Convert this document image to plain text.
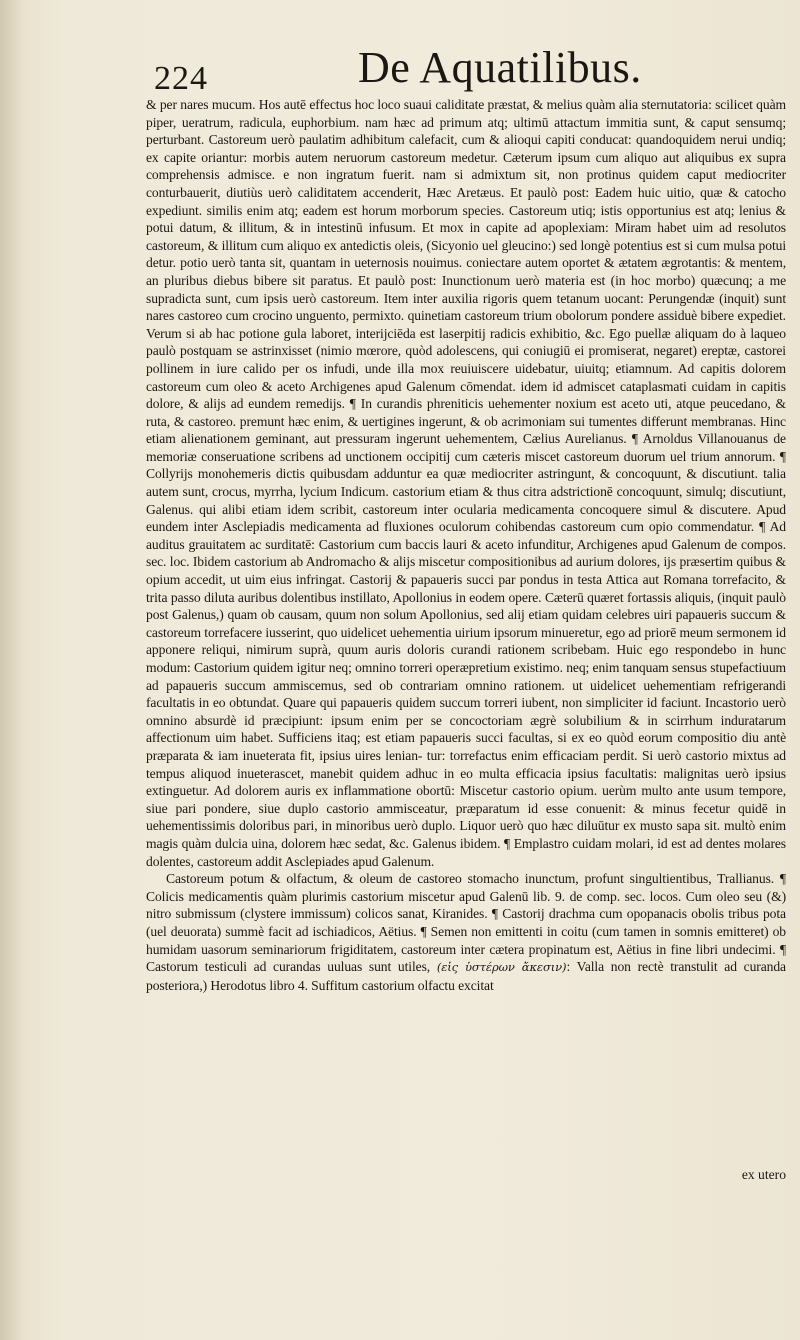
224	De Aquatilibus.

& per nares mucum. Hos autē effectus hoc loco suaui caliditate præstat, & melius quàm alia sternutatoria: scilicet quàm piper, ueratrum, radicula, euphorbium. nam hæc ad primum atq; ultimū attactum immitia sunt, & caput sensumq; perturbant. Castoreum uerò paulatim adhibitum calefacit, cum & alioqui capiti conducat: quandoquidem nerui undiq; ex capite oriantur: morbis autem neruorum castoreum medetur. Cæterum ipsum cum aliquo aut aliquibus ex supra comprehensis admisce. e non ingratum fuerit. nam si admixtum sit, non protinus quidem caput mediocriter conturbauerit, diutiùs uerò caliditatem accenderit, Hæc Aretæus. Et paulò post: Eadem huic uitio, quæ & catocho expediunt. similis enim atq; eadem est horum morborum species. Castoreum utiq; istis opportunius est atq; lenius & potui datum, & illitum, & in intestinū infusum. Et mox in capite ad apoplexiam: Miram habet uim ad resolutos castoreum, & illitum cum aliquo ex antedictis oleis, (Sicyonio uel gleucino:) sed longè potentius est si cum mulsa potui detur. potio uerò tanta sit, quantam in ueternosis nouimus. coniectare autem oportet & ætatem ægrotantis: & mentem, an pluribus diebus bibere sit paratus. Et paulò post: Inunctionum uerò materia est (in hoc morbo) quæcunq; a me supradicta sunt, cum ipsis uerò castoreum. Item inter auxilia rigoris quem tetanum uocant: Perungendæ (inquit) sunt nares castoreo cum crocino unguento, permixto. quinetiam castoreum trium obolorum pondere assiduè bibere expediet. Verum si ab hac potione gula laboret, interijciēda est laserpitij radicis exhibitio, &c. Ego puellæ aliquam do à laqueo paulò postquam se astrinxisset (nimio mœrore, quòd adolescens, qui coniugiū ei promiserat, negaret) ereptæ, castorei pollinem in iure calido per os infudi, unde illa mox reuiuiscere uidebatur, uiuitq; etiamnum. Ad capitis dolorem castoreum cum oleo & aceto Archigenes apud Galenum cōmendat. idem id admiscet cataplasmati cuidam in capitis dolore, & alijs ad eundem remedijs. ¶ In curandis phreniticis uehementer noxium est aceto uti, atque peucedano, & ruta, & castoreo. premunt hæc enim, & uertigines ingerunt, & ob acrimoniam sui tumentes differunt membranas. Hinc etiam alienationem geminant, aut pressuram ingerunt uehementem, Cælius Aurelianus. ¶ Arnoldus Villanouanus de memoriæ conseruatione scribens ad unctionem occipitij cum cæteris miscet castoreum duorum uel trium annorum. ¶ Collyrijs monohemeris dictis quibusdam adduntur ea quæ mediocriter astringunt, & concoquunt, & discutiunt. talia autem sunt, crocus, myrrha, lycium Indicum. castorium etiam & thus citra adstrictionē concoquunt, simulq; discutiunt, Galenus. qui alibi etiam idem scribit, castoreum inter ocularia medicamenta concoquere simul & discutere. Apud eundem inter Asclepiadis medicamenta ad fluxiones oculorum cohibendas castoreum cum opio commendatur. ¶ Ad auditus grauitatem ac surditatē: Castorium cum baccis lauri & aceto infunditur, Archigenes apud Galenum de compos. sec. loc. Ibidem castorium ab Andromacho & alijs miscetur compositionibus ad aurium dolores, ijs præsertim quibus & opium accedit, ut uim eius infringat. Castorij & papaueris succi par pondus in testa Attica aut Romana torrefacito, & trita passo diluta auribus dolentibus instillato, Apollonius in eodem opere. Cæterū quæret fortassis aliquis, (inquit paulò post Galenus,) quam ob causam, quum non solum Apollonius, sed alij etiam quidam celebres uiri papaueris succum & castoreum torrefacere iusserint, quo uidelicet uehementia uirium ipsorum minueretur, ego ad priorē meum sermonem id apponere reliqui, nimirum suprà, quum auris doloris curandi rationem scribebam. Huic ego respondebo in hunc modum: Castorium quidem igitur neq; omnino torreri operæpretium existimo. neq; enim tanquam sensus stupefactiuum ad papaueris succum ammiscemus, sed ob contrariam omnino rationem. ut uidelicet uehementiam refrigerandi facultatis in eo obtundat. Quare qui papaueris quidem succum torreri iubent, non simpliciter id faciunt. Incastorio uerò omnino absurdè id præcipiunt: ipsum enim per se concoctoriam ægrè solubilium & in scirrhum induratarum affectionum uim habet. Sufficiens itaq; est etiam papaueris succi facultas, si ex eo quòd eorum compositio diu antè præparata & iam inueterata fit, ipsius uires lenian- tur: torrefactus enim efficaciam perdit. Si uerò castorio mixtus ad tempus aliquod inueterascet, manebit quidem adhuc in eo multa efficacia ipsius facultatis: malignitas uerò ipsius extinguetur. Ad dolorem auris ex inflammatione obortū: Miscetur castorio opium. uerùm multo ante usum tempore, siue pari pondere, siue duplo castorio ammisceatur, præparatum id esse conuenit: & minus fecetur quidē in uehementissimis doloribus pari, in minoribus uerò duplo. Liquor uerò quo hæc diluūtur ex musto sapa sit. multò enim magis quàm dulcia uina, dolorem hæc sedat, &c. Galenus ibidem. ¶ Emplastro cuidam molari, id est ad dentes molares dolentes, castoreum addit Asclepiades apud Galenum.

Castoreum potum & olfactum, & oleum de castoreo stomacho inunctum, profunt singultientibus, Trallianus. ¶ Colicis medicamentis quàm plurimis castorium miscetur apud Galenū lib. 9. de comp. sec. locos. Cum oleo seu (&) nitro submissum (clystere immissum) colicos sanat, Kiranides. ¶ Castorij drachma cum opopanacis obolis tribus pota (uel deuorata) summè facit ad ischiadicos, Aëtius. ¶ Semen non emittenti in coitu (cum tamen in somnis emitteret) ob humidam uasorum seminariorum frigiditatem, castoreum inter cætera propinatum est, Aëtius in fine libri undecimi. ¶ Castorum testiculi ad curandas uuluas sunt utiles, (εἰς ὑστέρων ἄκεσιν): Valla non rectè transtulit ad curanda posteriora,) Herodotus libro 4. Suffitum castorium olfactu excitat

ex utero
